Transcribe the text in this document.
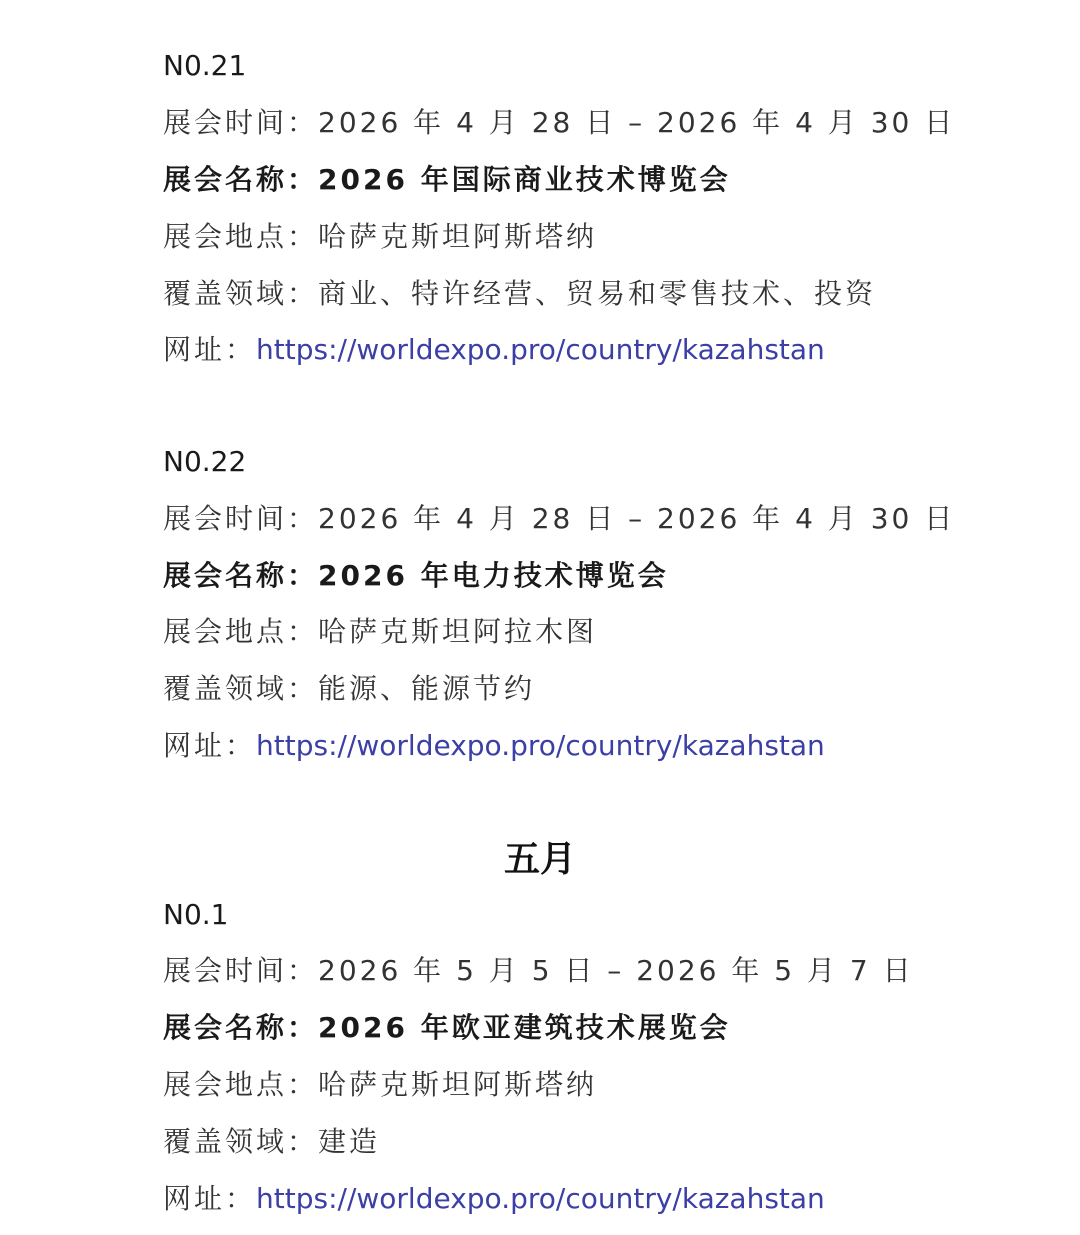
N0.21
展会时间：2026 年 4 月 28 日 – 2026 年 4 月 30 日
展会名称：2026 年国际商业技术博览会
展会地点：哈萨克斯坦阿斯塔纳
覆盖领域：商业、特许经营、贸易和零售技术、投资
网址：https://worldexpo.pro/country/kazahstan
N0.22
展会时间：2026 年 4 月 28 日 – 2026 年 4 月 30 日
展会名称：2026 年电力技术博览会
展会地点：哈萨克斯坦阿拉木图
覆盖领域：能源、能源节约
网址：https://worldexpo.pro/country/kazahstan
五月
N0.1
展会时间：2026 年 5 月 5 日 – 2026 年 5 月 7 日
展会名称：2026 年欧亚建筑技术展览会
展会地点：哈萨克斯坦阿斯塔纳
覆盖领域：建造
网址：https://worldexpo.pro/country/kazahstan
